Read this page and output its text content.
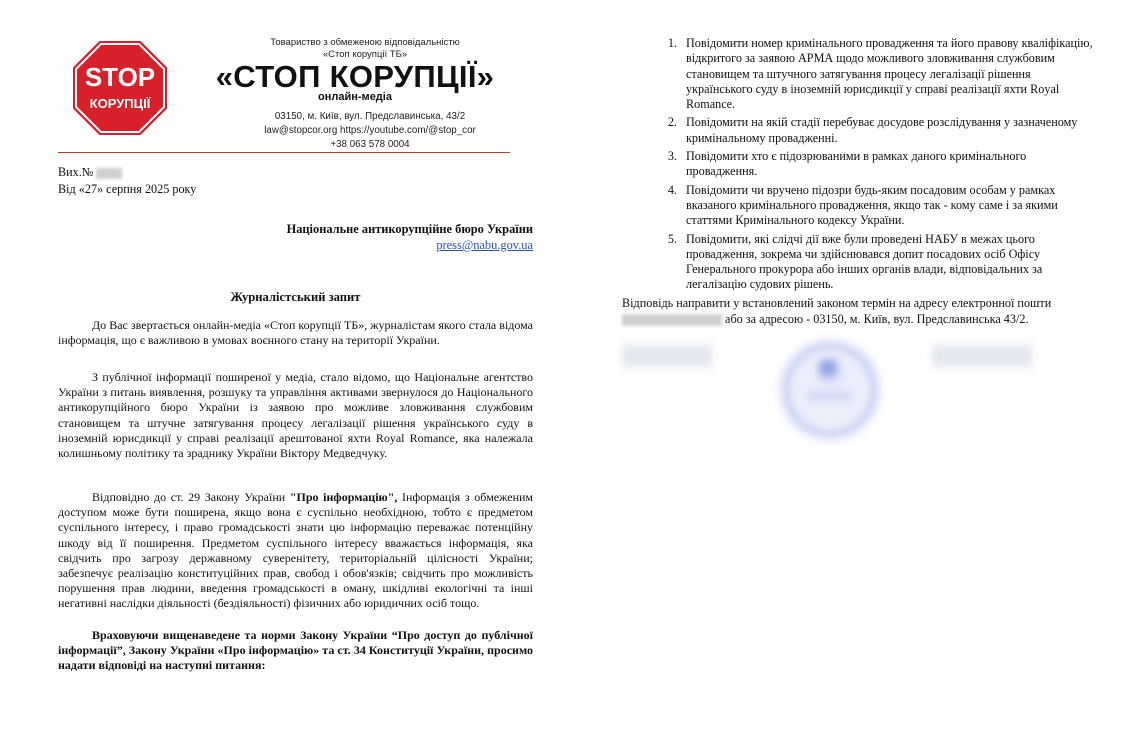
STOP
КОРУПЦІЇ
Товариство з обмеженою відповідальністю
«Стоп корупції ТБ»
«СТОП КОРУПЦІЇ»
онлайн-медіа
03150, м. Київ, вул. Предславинська, 43/2
law@stopcor.org https://youtube.com/@stop_cor
+38 063 578 0004
Вих.№
Від «27» серпня 2025 року
Національне антикорупційне бюро України
press@nabu.gov.ua
Журналістський запит

До Вас звертається онлайн-медіа «Стоп корупції ТБ», журналістам якого стала відома інформація, що є важливою в умовах воєнного стану на території України.

З публічної інформації поширеної у медіа, стало відомо, що Національне агентство України з питань виявлення, розшуку та управління активами звернулося до Національного антикорупційного бюро України із заявою про можливе зловживання службовим становищем та штучне затягування процесу легалізації рішення українського суду в іноземній юрисдикції у справі реалізації арештованої яхти Royal Romance, яка належала колишньому політику та зраднику України Віктору Медведчуку.

Відповідно до ст. 29 Закону України "Про інформацію", Інформація з обмеженим доступом може бути поширена, якщо вона є суспільно необхідною, тобто є предметом суспільного інтересу, і право громадськості знати цю інформацію переважає потенційну шкоду від її поширення. Предметом суспільного інтересу вважається інформація, яка свідчить про загрозу державному суверенітету, територіальній цілісності України; забезпечує реалізацію конституційних прав, свобод і обов'язків; свідчить про можливість порушення прав людини, введення громадськості в оману, шкідливі екологічні та інші негативні наслідки діяльності (бездіяльності) фізичних або юридичних осіб тощо.

Враховуючи вищенаведене та норми Закону України “Про доступ до публічної інформації”, Закону України «Про інформацію» та ст. 34 Конституції України, просимо надати відповіді на наступні питання:

1. Повідомити номер кримінального провадження та його правову кваліфікацію, відкритого за заявою АРМА щодо можливого зловживання службовим становищем та штучного затягування процесу легалізації рішення українського суду в іноземній юрисдикції у справі реалізації яхти Royal Romance.
2. Повідомити на якій стадії перебуває досудове розслідування у зазначеному кримінальному провадженні.
3. Повідомити хто є підозрюваними в рамках даного кримінального провадження.
4. Повідомити чи вручено підозри будь-яким посадовим особам у рамках вказаного кримінального провадження, якщо так - кому саме і за якими статтями Кримінального кодексу України.
5. Повідомити, які слідчі дії вже були проведені НАБУ в межах цього провадження, зокрема чи здійснювався допит посадових осіб Офісу Генерального прокурора або інших органів влади, відповідальних за легалізацію судових рішень.
Відповідь направити у встановлений законом термін на адресу електронної пошти
або за адресою - 03150, м. Київ, вул. Предславинська 43/2.
